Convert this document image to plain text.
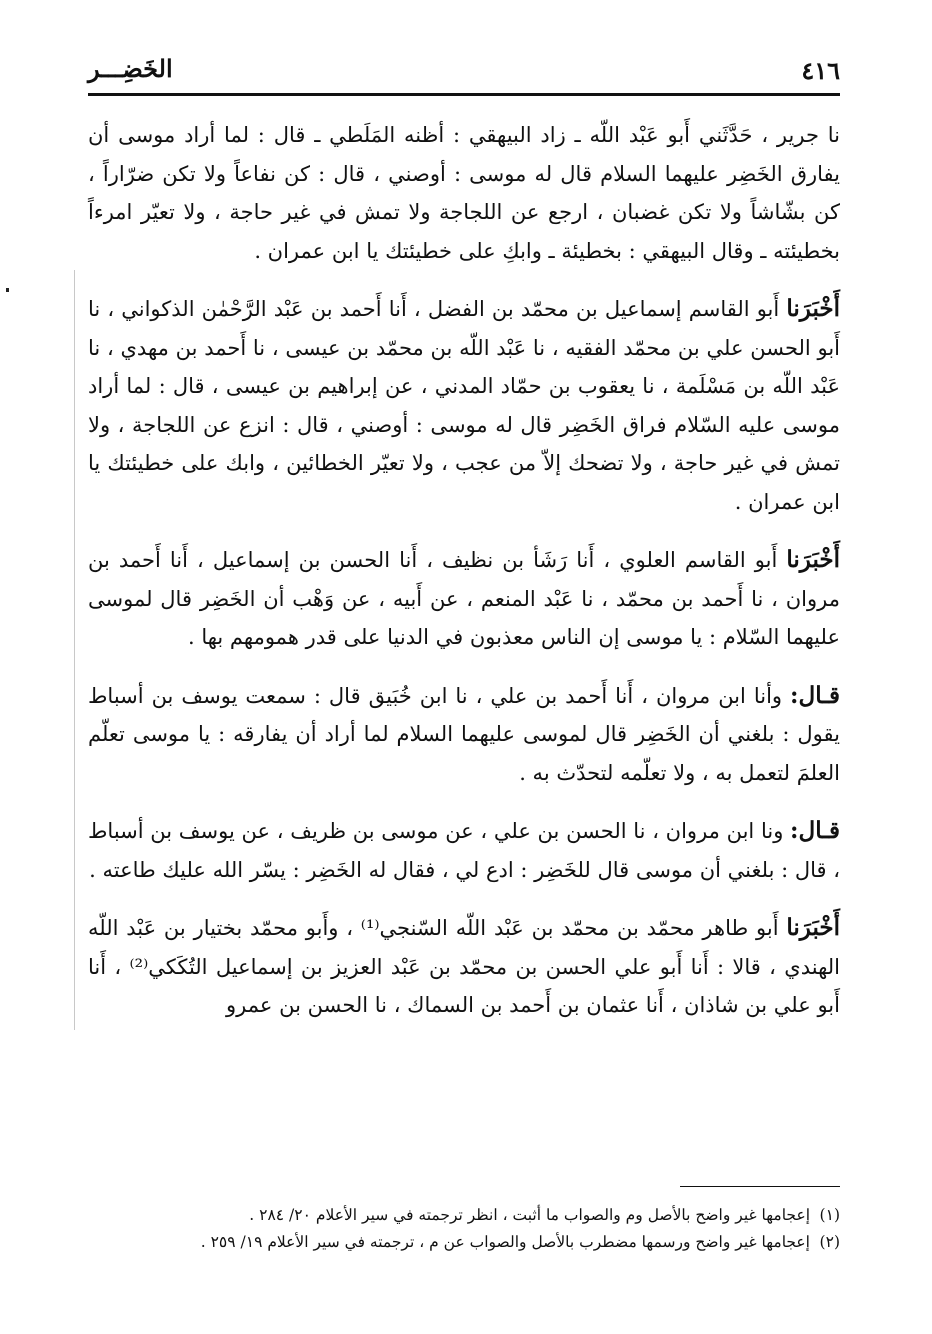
٤١٦
الخَضِـــر

نا جرير ، حَدَّثَني أَبو عَبْد اللّه ـ زاد البيهقي : أظنه المَلَطي ـ قال : لما أراد موسى أن يفارق الخَضِر عليهما السلام قال له موسى : أوصني ، قال : كن نفاعاً ولا تكن ضرّاراً ، كن بشّاشاً ولا تكن غضبان ، ارجع عن اللجاجة ولا تمش في غير حاجة ، ولا تعيّر امرءاً بخطيئته ـ وقال البيهقي : بخطيئة ـ وابكِ على خطيئتك يا ابن عمران .

أَخْبَرَنا أَبو القاسم إسماعيل بن محمّد بن الفضل ، أَنا أَحمد بن عَبْد الرَّحْمٰن الذكواني ، نا أَبو الحسن علي بن محمّد الفقيه ، نا عَبْد اللّه بن محمّد بن عيسى ، نا أَحمد بن مهدي ، نا عَبْد اللّه بن مَسْلَمة ، نا يعقوب بن حمّاد المدني ، عن إبراهيم بن عيسى ، قال : لما أراد موسى عليه السّلام فراق الخَضِر قال له موسى : أوصني ، قال : انزع عن اللجاجة ، ولا تمش في غير حاجة ، ولا تضحك إلاّ من عجب ، ولا تعيّر الخطائين ، وابك على خطيئتك يا ابن عمران .

أَخْبَرَنا أَبو القاسم العلوي ، أَنا رَشَأ بن نظيف ، أَنا الحسن بن إسماعيل ، أَنا أَحمد بن مروان ، نا أَحمد بن محمّد ، نا عَبْد المنعم ، عن أَبيه ، عن وَهْب أن الخَضِر قال لموسى عليهما السّلام : يا موسى إن الناس معذبون في الدنيا على قدر همومهم بها .

قـال: وأنا ابن مروان ، أَنا أَحمد بن علي ، نا ابن خُبَيق قال : سمعت يوسف بن أسباط يقول : بلغني أن الخَضِر قال لموسى عليهما السلام لما أراد أن يفارقه : يا موسى تعلّم العلمَ لتعمل به ، ولا تعلّمه لتحدّث به .

قـال: ونا ابن مروان ، نا الحسن بن علي ، عن موسى بن ظريف ، عن يوسف بن أسباط ، قال : بلغني أن موسى قال للخَضِر : ادع لي ، فقال له الخَضِر : يسّر الله عليك طاعته .

أَخْبَرَنا أَبو طاهر محمّد بن محمّد بن عَبْد اللّه السّنجي⁽¹⁾ ، وأَبو محمّد بختيار بن عَبْد اللّه الهندي ، قالا : أَنا أَبو علي الحسن بن محمّد بن عَبْد العزيز بن إسماعيل التُكَكي⁽²⁾ ، أَنا أَبو علي بن شاذان ، أَنا عثمان بن أَحمد بن السماك ، نا الحسن بن عمرو

(١)إعجامها غير واضح بالأصل وم والصواب ما أثبت ، انظر ترجمته في سير الأعلام ٢٠/ ٢٨٤ .

(٢)إعجامها غير واضح ورسمها مضطرب بالأصل والصواب عن م ، ترجمته في سير الأعلام ١٩/ ٢٥٩ .
